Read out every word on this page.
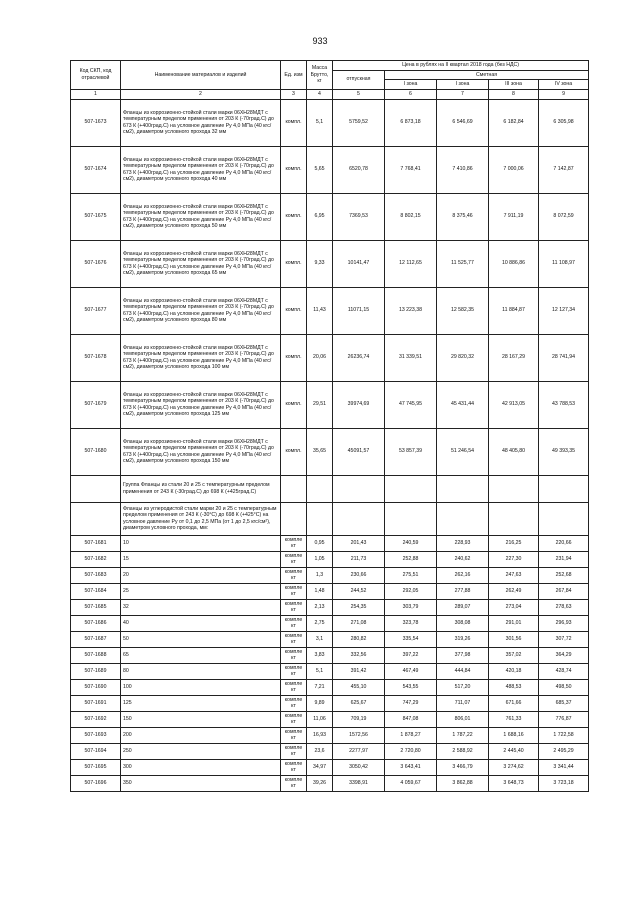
933
Код СКП, код отраслевой	Наименование материалов и изделий	Ед. изм	Масса Брутто, кг	Цена в рублях на II квартал 2018 года (без НДС)				
				отпускная	Сметная			
					I зона	I зона	III зона	IV зона
1	2	3	4	5	6	7	8	9
507-1673	Фланцы из коррозионно-стойкой стали марки 06ХН28МДТ с температурным пределом применения от 203 К (-70град.С) до 673 К (+400град.С) на условное давление Ру 4,0 МПа (40 кгс/см2), диаметром условного прохода 32 мм	компл.	5,1	5759,52	6 873,18	6 546,69	6 182,84	6 305,98
507-1674	Фланцы из коррозионно-стойкой стали марки 06ХН28МДТ с температурным пределом применения от 203 К (-70град.С) до 673 К (+400град.С) на условное давление Ру 4,0 МПа (40 кгс/см2), диаметром условного прохода 40 мм	компл.	5,65	6520,78	7 768,41	7 410,86	7 000,06	7 142,87
507-1675	Фланцы из коррозионно-стойкой стали марки 06ХН28МДТ с температурным пределом применения от 203 К (-70град.С) до 673 К (+400град.С) на условное давление Ру 4,0 МПа (40 кгс/см2), диаметром условного прохода 50 мм	компл.	6,95	7369,53	8 802,15	8 375,46	7 911,19	8 072,59
507-1676	Фланцы из коррозионно-стойкой стали марки 06ХН28МДТ с температурным пределом применения от 203 К (-70град.С) до 673 К (+400град.С) на условное давление Ру 4,0 МПа (40 кгс/см2), диаметром условного прохода 65 мм	компл.	9,33	10141,47	12 112,65	11 525,77	10 886,86	11 108,97
507-1677	Фланцы из коррозионно-стойкой стали марки 06ХН28МДТ с температурным пределом применения от 203 К (-70град.С) до 673 К (+400град.С) на условное давление Ру 4,0 МПа (40 кгс/см2), диаметром условного прохода 80 мм	компл.	11,43	11071,15	13 223,38	12 582,35	11 884,87	12 127,34
507-1678	Фланцы из коррозионно-стойкой стали марки 06ХН28МДТ с температурным пределом применения от 203 К (-70град.С) до 673 К (+400град.С) на условное давление Ру 4,0 МПа (40 кгс/см2), диаметром условного прохода 100 мм	компл.	20,06	26236,74	31 339,51	29 820,32	28 167,29	28 741,94
507-1679	Фланцы из коррозионно-стойкой стали марки 06ХН28МДТ с температурным пределом применения от 203 К (-70град.С) до 673 К (+400град.С) на условное давление Ру 4,0 МПа (40 кгс/см2), диаметром условного прохода 125 мм	компл.	29,51	39974,69	47 745,95	45 431,44	42 913,05	43 788,53
507-1680	Фланцы из коррозионно-стойкой стали марки 06ХН28МДТ с температурным пределом применения от 203 К (-70град.С) до 673 К (+400град.С) на условное давление Ру 4,0 МПа (40 кгс/см2), диаметром условного прохода 150 мм	компл.	35,65	45091,57	53 857,39	51 246,54	48 405,80	49 393,35
	Группа Фланцы из стали 20 и 25 с температурным пределом применения от 243 К (-30град.С) до 698 К (+425град.С)							
	Фланцы из углеродистой стали марки 20 и 25 с температурным пределом применения от 243 К (-30°С) до 698 К (+425°С) на условное давление Ру от 0,1 до 2,5 МПа (от 1 до 2,5 кгс/см²), диаметром условного прохода, мм:							
507-1681	10	компле кт	0,95	201,43	240,59	228,93	216,25	220,66
507-1682	15	компле кт	1,05	211,73	252,88	240,62	227,30	231,94
507-1683	20	компле кт	1,3	230,66	275,51	262,16	247,63	252,68
507-1684	25	компле кт	1,48	244,52	292,05	277,88	262,49	267,84
507-1685	32	компле кт	2,13	254,35	303,79	289,07	273,04	278,63
507-1686	40	компле кт	2,75	271,08	323,78	308,08	291,01	296,93
507-1687	50	компле кт	3,1	280,82	335,54	319,26	301,56	307,72
507-1688	65	компле кт	3,83	332,56	397,22	377,98	357,02	364,29
507-1689	80	компле кт	5,1	391,42	467,49	444,84	420,18	428,74
507-1690	100	компле кт	7,21	455,10	543,55	517,20	488,53	498,50
507-1691	125	компле кт	9,89	625,67	747,29	711,07	671,66	685,37
507-1692	150	компле кт	11,06	709,19	847,08	806,01	761,33	776,87
507-1693	200	компле кт	16,93	1572,56	1 878,27	1 787,22	1 688,16	1 722,58
507-1694	250	компле кт	23,6	2277,97	2 720,80	2 588,92	2 445,40	2 495,29
507-1695	300	компле кт	34,97	3050,42	3 643,41	3 466,79	3 274,62	3 341,44
507-1696	350	компле кт	39,26	3398,91	4 059,67	3 862,88	3 648,73	3 723,18
